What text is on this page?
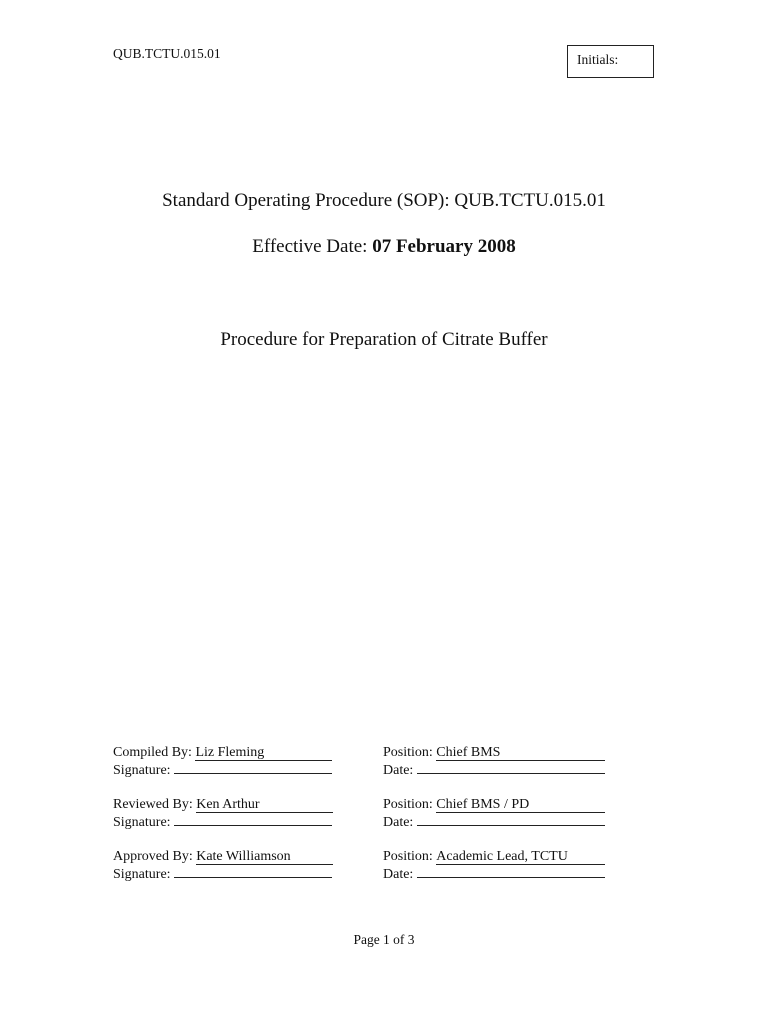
QUB.TCTU.015.01	Initials:
Standard Operating Procedure (SOP): QUB.TCTU.015.01
Effective Date: 07 February 2008
Procedure for Preparation of Citrate Buffer
Compiled By: Liz Fleming	Position: Chief BMS
Signature:	Date:
Reviewed By: Ken Arthur	Position: Chief BMS / PD
Signature:	Date:
Approved By: Kate Williamson	Position: Academic Lead, TCTU
Signature:	Date:
Page 1 of 3
